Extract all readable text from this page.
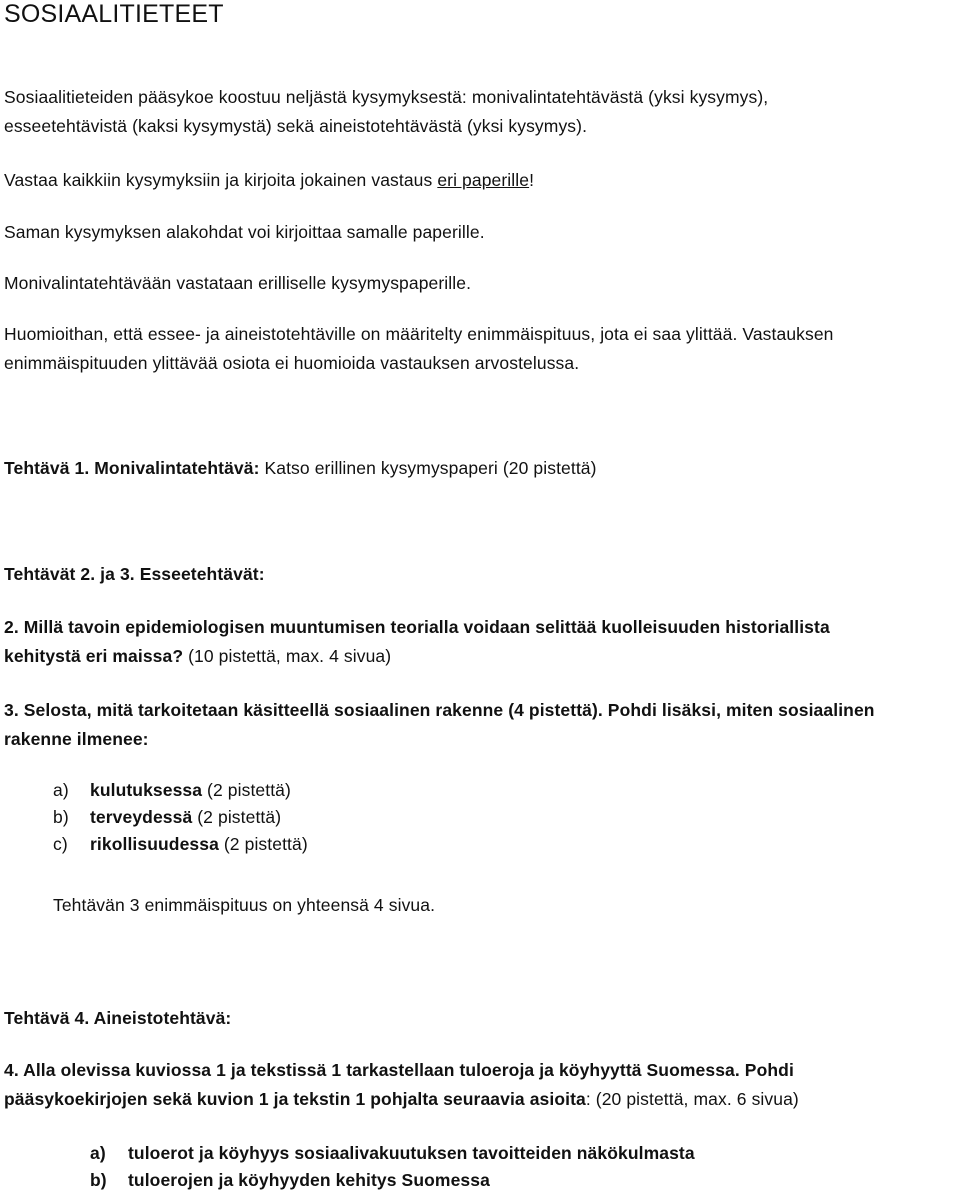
SOSIAALITIETEET

Sosiaalitieteiden pääsykoe koostuu neljästä kysymyksestä: monivalintatehtävästä (yksi kysymys),
esseetehtävistä (kaksi kysymystä) sekä aineistotehtävästä (yksi kysymys).

Vastaa kaikkiin kysymyksiin ja kirjoita jokainen vastaus eri paperille!

Saman kysymyksen alakohdat voi kirjoittaa samalle paperille.

Monivalintatehtävään vastataan erilliselle kysymyspaperille.

Huomioithan, että essee- ja aineistotehtäville on määritelty enimmäispituus, jota ei saa ylittää. Vastauksen
enimmäispituuden ylittävää osiota ei huomioida vastauksen arvostelussa.

Tehtävä 1. Monivalintatehtävä: Katso erillinen kysymyspaperi (20 pistettä)

Tehtävät 2. ja 3. Esseetehtävät:

2. Millä tavoin epidemiologisen muuntumisen teorialla voidaan selittää kuolleisuuden historiallista
kehitystä eri maissa? (10 pistettä, max. 4 sivua)

3. Selosta, mitä tarkoitetaan käsitteellä sosiaalinen rakenne (4 pistettä). Pohdi lisäksi, miten sosiaalinen
rakenne ilmenee:

a)	kulutuksessa (2 pistettä)
b)	terveydessä (2 pistettä)
c)	rikollisuudessa (2 pistettä)

Tehtävän 3 enimmäispituus on yhteensä 4 sivua.

Tehtävä 4. Aineistotehtävä:

4. Alla olevissa kuviossa 1 ja tekstissä 1 tarkastellaan tuloeroja ja köyhyyttä Suomessa. Pohdi
pääsykoekirjojen sekä kuvion 1 ja tekstin 1 pohjalta seuraavia asioita: (20 pistettä, max. 6 sivua)

a)	tuloerot ja köyhyys sosiaalivakuutuksen tavoitteiden näkökulmasta
b)	tuloerojen ja köyhyyden kehitys Suomessa
